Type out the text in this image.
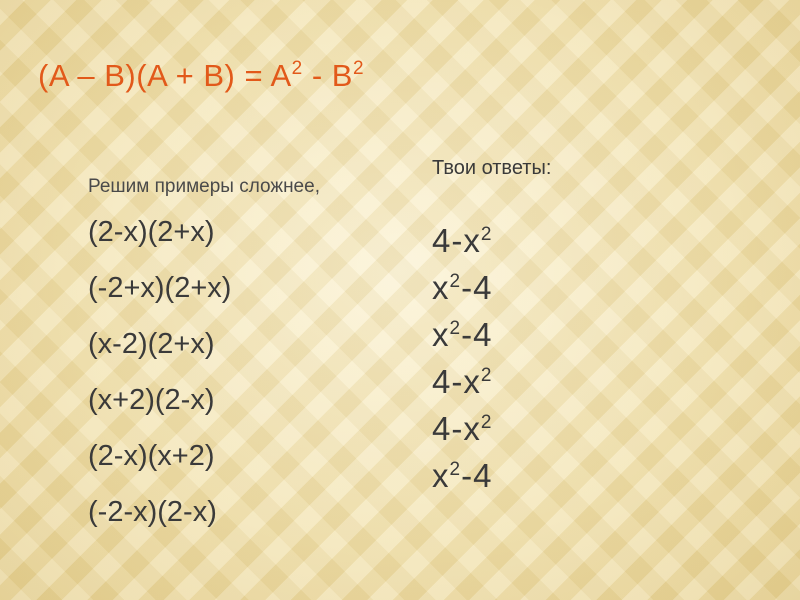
$(A - B)(A + B) = A^2 - B^2$
Решим примеры сложнее,
(2-x)(2+x)
(-2+x)(2+x)
(x-2)(2+x)
(x+2)(2-x)
(2-x)(x+2)
(-2-x)(2-x)
Твои ответы:
$4-x^2$
$x^2-4$
$x^2-4$
$4-x^2$
$4-x^2$
$x^2-4$
